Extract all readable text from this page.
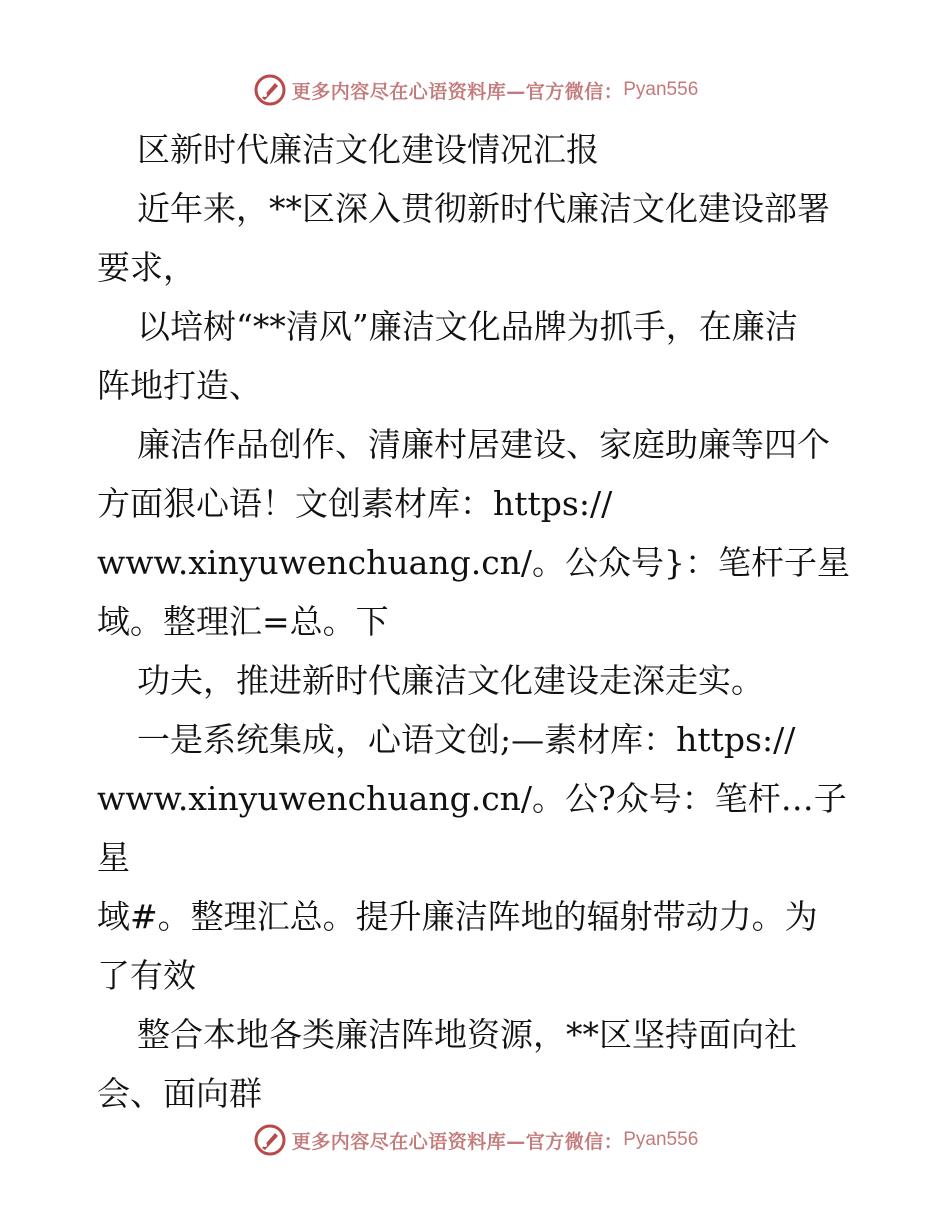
更多内容尽在心语资料库—官方微信： Pyan556

区新时代廉洁文化建设情况汇报

近年来，**区深入贯彻新时代廉洁文化建设部署

要求，

以培树“**清风”廉洁文化品牌为抓手，在廉洁

阵地打造、

廉洁作品创作、清廉村居建设、家庭助廉等四个

方面狠心语！文创素材库：https://

www.xinyuwenchuang.cn/。公众号}：笔杆子星

域。整理汇=总。下

功夫，推进新时代廉洁文化建设走深走实。

一是系统集成，心语文创;—素材库：https://

www.xinyuwenchuang.cn/。公?众号：笔杆…子星

域#。整理汇总。提升廉洁阵地的辐射带动力。为

了有效

整合本地各类廉洁阵地资源，**区坚持面向社

会、面向群

更多内容尽在心语资料库—官方微信： Pyan556
